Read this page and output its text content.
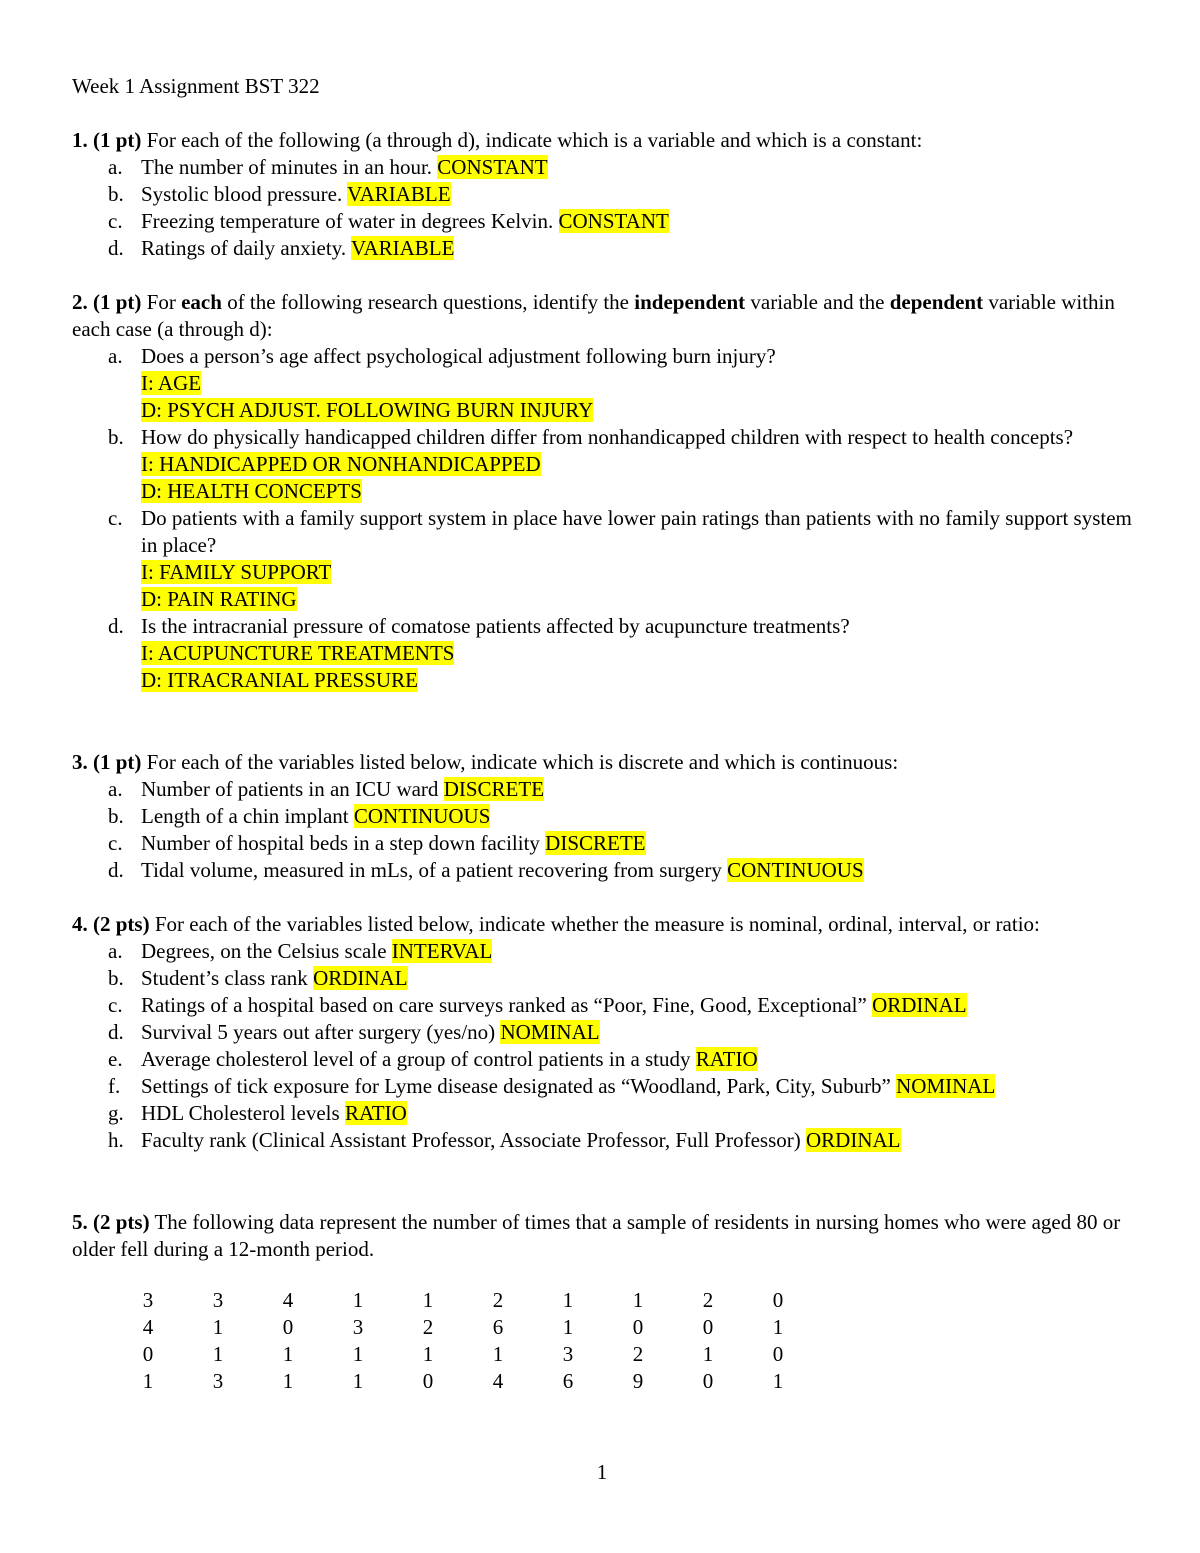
Week 1 Assignment BST 322
1. (1 pt) For each of the following (a through d), indicate which is a variable and which is a constant:
a. The number of minutes in an hour. CONSTANT
b. Systolic blood pressure. VARIABLE
c. Freezing temperature of water in degrees Kelvin. CONSTANT
d. Ratings of daily anxiety. VARIABLE
2. (1 pt) For each of the following research questions, identify the independent variable and the dependent variable within each case (a through d):
a. Does a person’s age affect psychological adjustment following burn injury?
I: AGE
D: PSYCH ADJUST. FOLLOWING BURN INJURY
b. How do physically handicapped children differ from nonhandicapped children with respect to health concepts?
I: HANDICAPPED OR NONHANDICAPPED
D: HEALTH CONCEPTS
c. Do patients with a family support system in place have lower pain ratings than patients with no family support system in place?
I: FAMILY SUPPORT
D: PAIN RATING
d. Is the intracranial pressure of comatose patients affected by acupuncture treatments?
I: ACUPUNCTURE TREATMENTS
D: ITRACRANIAL PRESSURE
3. (1 pt) For each of the variables listed below, indicate which is discrete and which is continuous:
a. Number of patients in an ICU ward DISCRETE
b. Length of a chin implant CONTINUOUS
c. Number of hospital beds in a step down facility DISCRETE
d. Tidal volume, measured in mLs, of a patient recovering from surgery CONTINUOUS
4. (2 pts) For each of the variables listed below, indicate whether the measure is nominal, ordinal, interval, or ratio:
a. Degrees, on the Celsius scale INTERVAL
b. Student’s class rank ORDINAL
c. Ratings of a hospital based on care surveys ranked as “Poor, Fine, Good, Exceptional” ORDINAL
d. Survival 5 years out after surgery (yes/no) NOMINAL
e. Average cholesterol level of a group of control patients in a study RATIO
f. Settings of tick exposure for Lyme disease designated as “Woodland, Park, City, Suburb” NOMINAL
g. HDL Cholesterol levels RATIO
h. Faculty rank (Clinical Assistant Professor, Associate Professor, Full Professor) ORDINAL
5. (2 pts) The following data represent the number of times that a sample of residents in nursing homes who were aged 80 or older fell during a 12-month period.
3	3	4	1	1	2	1	1	2	0
4	1	0	3	2	6	1	0	0	1
0	1	1	1	1	1	3	2	1	0
1	3	1	1	0	4	6	9	0	1
1
